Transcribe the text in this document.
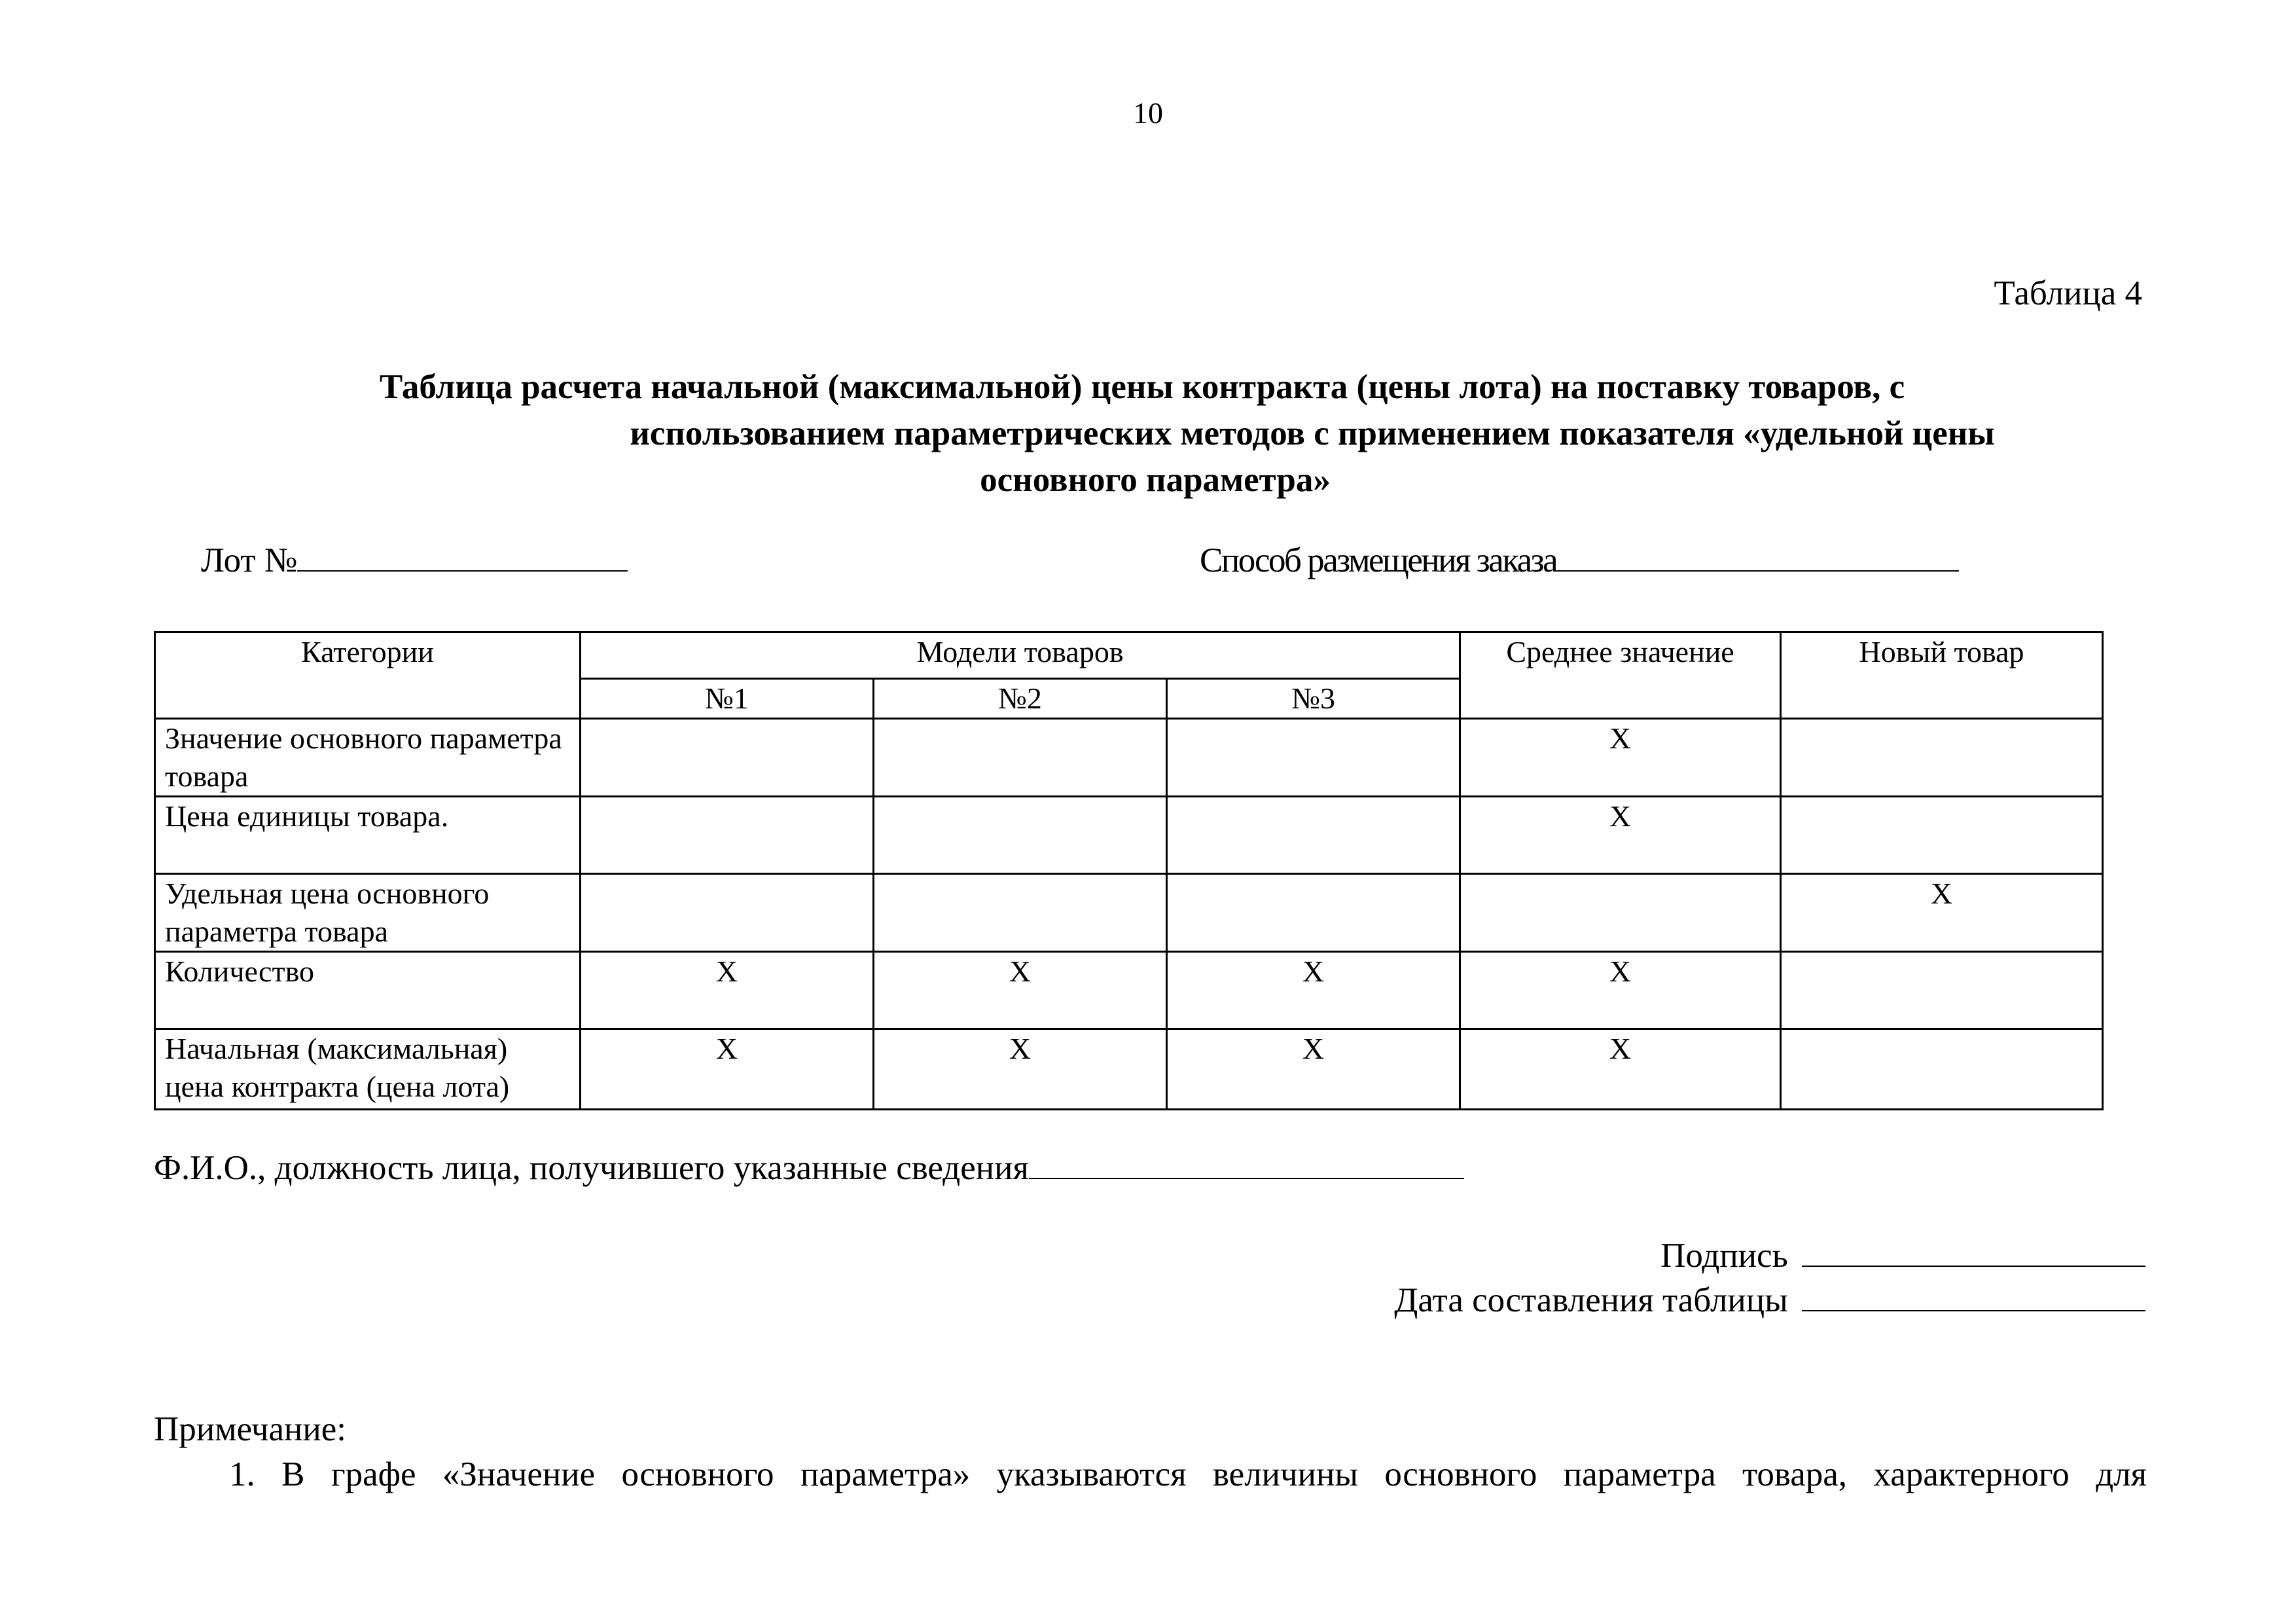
10
Таблица 4
Таблица расчета начальной (максимальной) цены контракта (цены лота) на поставку товаров, с
использованием параметрических методов с применением показателя «удельной цены
основного параметра»
Лот №	Способ размещения заказа
Категории	Модели товаров			Среднее значение	Новый товар
	№1	№2	№3		
Значение основного параметра товара				X	
Цена единицы товара.				X	
Удельная цена основного параметра товара					X
Количество	X	X	X	X	
Начальная (максимальная) цена контракта (цена лота)	X	X	X	X	
Ф.И.О., должность лица, получившего указанные сведения
Подпись
Дата составления таблицы
Примечание:
1. В графе «Значение основного параметра» указываются величины основного параметра товара, характерного для
